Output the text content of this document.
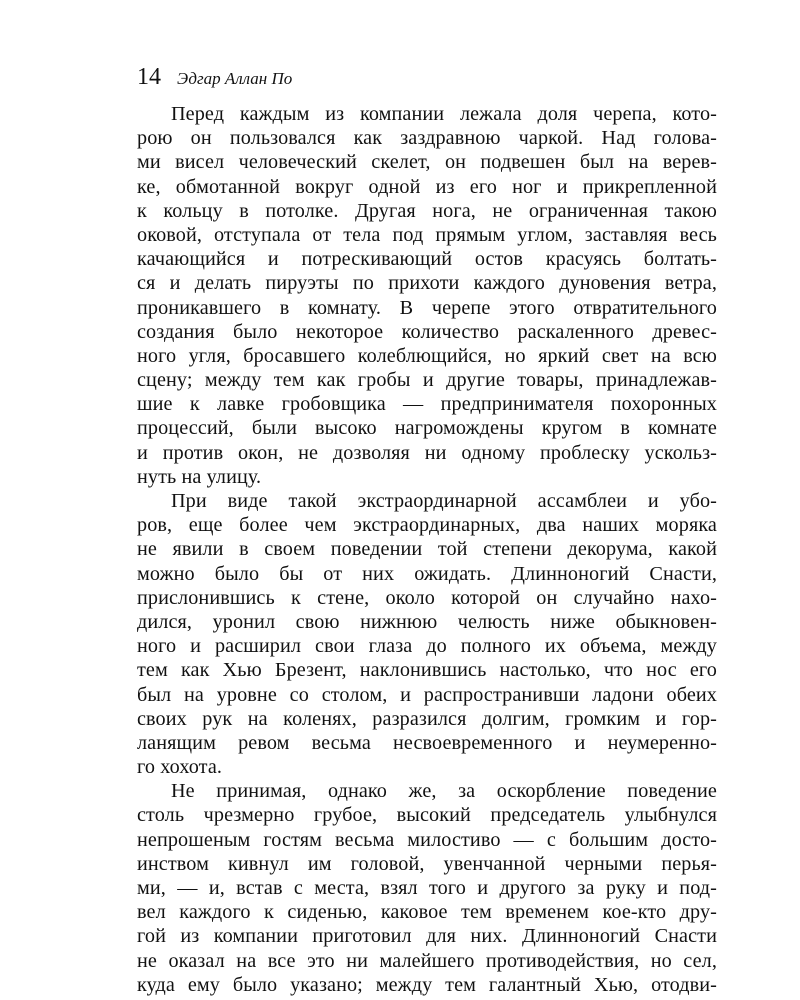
14 Эдгар Аллан По
Перед каждым из компании лежала доля черепа, кото-
рою он пользовался как заздравною чаркой. Над голова-
ми висел человеческий скелет, он подвешен был на верев-
ке, обмотанной вокруг одной из его ног и прикрепленной
к кольцу в потолке. Другая нога, не ограниченная такою
оковой, отступала от тела под прямым углом, заставляя весь
качающийся и потрескивающий остов красуясь болтать-
ся и делать пируэты по прихоти каждого дуновения ветра,
проникавшего в комнату. В черепе этого отвратительного
создания было некоторое количество раскаленного древес-
ного угля, бросавшего колеблющийся, но яркий свет на всю
сцену; между тем как гробы и другие товары, принадлежав-
шие к лавке гробовщика — предпринимателя похоронных
процессий, были высоко нагромождены кругом в комнате
и против окон, не дозволяя ни одному проблеску ускольз-
нуть на улицу.
При виде такой экстраординарной ассамблеи и убо-
ров, еще более чем экстраординарных, два наших моряка
не явили в своем поведении той степени декорума, какой
можно было бы от них ожидать. Длинноногий Снасти,
прислонившись к стене, около которой он случайно нахо-
дился, уронил свою нижнюю челюсть ниже обыкновен-
ного и расширил свои глаза до полного их объема, между
тем как Хью Брезент, наклонившись настолько, что нос его
был на уровне со столом, и распространивши ладони обеих
своих рук на коленях, разразился долгим, громким и гор-
ланящим ревом весьма несвоевременного и неумеренно-
го хохота.
Не принимая, однако же, за оскорбление поведение
столь чрезмерно грубое, высокий председатель улыбнулся
непрошеным гостям весьма милостиво — с большим досто-
инством кивнул им головой, увенчанной черными перья-
ми, — и, встав с места, взял того и другого за руку и под-
вел каждого к сиденью, каковое тем временем кое-кто дру-
гой из компании приготовил для них. Длинноногий Снасти
не оказал на все это ни малейшего противодействия, но сел,
куда ему было указано; между тем галантный Хью, отодви-
